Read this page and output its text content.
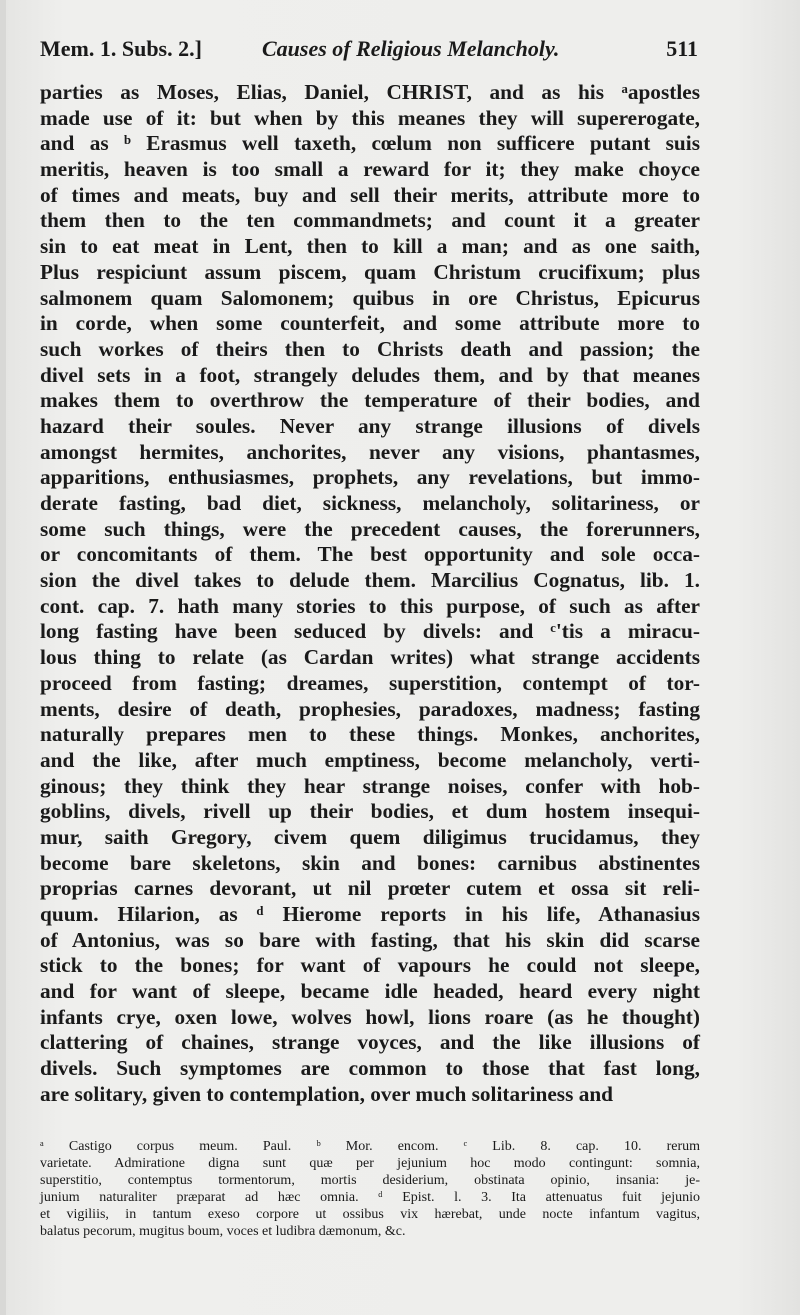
Mem. 1. Subs. 2.]	Causes of Religious Melancholy.	511
parties as Moses, Elias, Daniel, CHRIST, and as his ᵃapostles
made use of it: but when by this meanes they will supererogate,
and as ᵇ Erasmus well taxeth, cœlum non sufficere putant suis
meritis, heaven is too small a reward for it; they make choyce
of times and meats, buy and sell their merits, attribute more to
them then to the ten commandmets; and count it a greater
sin to eat meat in Lent, then to kill a man; and as one saith,
Plus respiciunt assum piscem, quam Christum crucifixum; plus
salmonem quam Salomonem; quibus in ore Christus, Epicurus
in corde, when some counterfeit, and some attribute more to
such workes of theirs then to Christs death and passion; the
divel sets in a foot, strangely deludes them, and by that meanes
makes them to overthrow the temperature of their bodies, and
hazard their soules. Never any strange illusions of divels
amongst hermites, anchorites, never any visions, phantasmes,
apparitions, enthusiasmes, prophets, any revelations, but immo-
derate fasting, bad diet, sickness, melancholy, solitariness, or
some such things, were the precedent causes, the forerunners,
or concomitants of them. The best opportunity and sole occa-
sion the divel takes to delude them. Marcilius Cognatus, lib. 1.
cont. cap. 7. hath many stories to this purpose, of such as after
long fasting have been seduced by divels: and ᶜ'tis a miracu-
lous thing to relate (as Cardan writes) what strange accidents
proceed from fasting; dreames, superstition, contempt of tor-
ments, desire of death, prophesies, paradoxes, madness; fasting
naturally prepares men to these things. Monkes, anchorites,
and the like, after much emptiness, become melancholy, verti-
ginous; they think they hear strange noises, confer with hob-
goblins, divels, rivell up their bodies, et dum hostem insequi-
mur, saith Gregory, civem quem diligimus trucidamus, they
become bare skeletons, skin and bones: carnibus abstinentes
proprias carnes devorant, ut nil prœter cutem et ossa sit reli-
quum. Hilarion, as ᵈ Hierome reports in his life, Athanasius
of Antonius, was so bare with fasting, that his skin did scarse
stick to the bones; for want of vapours he could not sleepe,
and for want of sleepe, became idle headed, heard every night
infants crye, oxen lowe, wolves howl, lions roare (as he thought)
clattering of chaines, strange voyces, and the like illusions of
divels. Such symptomes are common to those that fast long,
are solitary, given to contemplation, over much solitariness and
ᵃ Castigo corpus meum. Paul. ᵇ Mor. encom. ᶜ Lib. 8. cap. 10. rerum
varietate. Admiratione digna sunt quæ per jejunium hoc modo contingunt: somnia,
superstitio, contemptus tormentorum, mortis desiderium, obstinata opinio, insania: je-
junium naturaliter præparat ad hæc omnia. ᵈ Epist. l. 3. Ita attenuatus fuit jejunio
et vigiliis, in tantum exeso corpore ut ossibus vix hærebat, unde nocte infantum vagitus,
balatus pecorum, mugitus boum, voces et ludibra dæmonum, &c.
